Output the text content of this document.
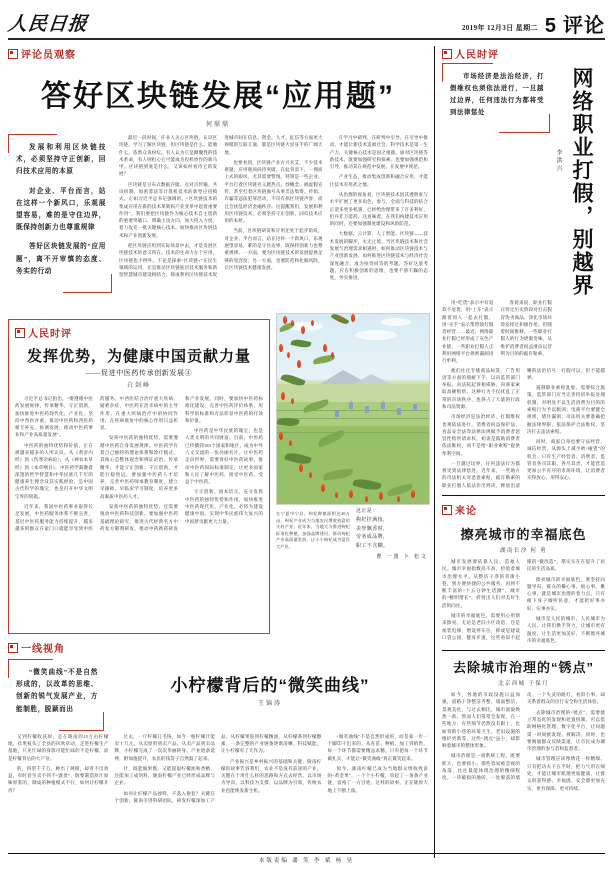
人民日报	2019年 12月3日 星期二 5 评论
评论员观察
答好区块链发展“应用题”
何鼎鼎

发展和利用区块链技术，必须坚持守正创新，回归技术应用的本原

对企业、平台而言，站在这样一个新风口，乐观展望容易，难的是守住边界，既保持创新力也尊重规律

答好区块链发展的“应用题”，离不开审慎的态度、务实的行动

最近一段时间，许多人关心区块链，认识区块链，学习了解区块链，但区块链是什么、能做什么，依然众说纷纭。有人认为它是颠覆性的技术革命，有人则担心它可能成为投机炒作的新马甲。区块链到底是什么，又该如何看待它的发展？

区块链是分布式数据存储、点对点传输、共识机制、加密算法等计算机技术的新型应用模式。正如习近平总书记强调的，“区块链技术的集成应用在新的技术革新和产业变革中起着重要作用”。我们要把区块链作为核心技术自主创新的重要突破口，明确主攻方向，加大投入力度，着力攻克一批关键核心技术，加快推动区块链技术和产业创新发展。

把区块链应用到实际场景中去，才是发展区块链技术的意义所在。技术的生命力在于应用，区块链也不例外。不论是探索“区块链+”在民生领域的运用，还是推动区块链底层技术服务和新型智慧城市建设相结合，抑或利用区块链技术促进城市间在信息、资金、人才、征信等方面更大规模的互联互通，都是区块链大显身手的广阔天地。

也要看到，区块链产业方兴未艾，不少技术难题、应用瓶颈尚待突破。在此背景下，一拥而上式的跟风，尤其需要警惕。特别是一些企业、平台打着区块链名义蹭热点、炒概念、搞虚假宣传，甚至打着区块链旗号从事非法集资、传销、诈骗等违法犯罪活动，不仅有损区块链声誉，而且会扰乱经济金融秩序。这提醒我们，发展和利用区块链技术，必须坚持守正创新，回归技术应用的本原。

当前，区块链研发和应用还处于起步阶段，对企业、平台而言，站在这样一个新风口，乐观展望容易，难的是守住边界，既保持创新力也尊重规律。一方面，要为区块链技术的发展提供足够的宽容度；另一方面，也要防范和化解风险，让区块链技术健康发展。

在学习中研判、在研判中引导、在引导中推动，才能让新技术造福社会。科学技术是第一生产力，关键核心技术是国之重器。面对区块链等新技术，既要加强研究和探索，也要加强规范和引导，推动其在规范中发展、在发展中规范。

产业生态，推动集成创新和融合应用，才能让技术有用武之地。

从治理的视角看，区块链技术因其透明度与水平扩展了更多角色、参与，全面与科技的结合正迎来更多机遇，已经给治理带来了许多利好，但并非万能药。这意味着，在我们构建技术应用的同时，还要加强制度建设和风险防范。

大数据、云计算、人工智能、区块链——技术发展的脚步，永无止境。当区块链技术和社会发展与治理需求相遇时，如何推动区块链技术与产业创新发展、如何推进区块链技术与经济社会深度融合，成为亟待回答的考题。答好这道考题，应有积极创新的思维，也要不骄不躁的态度，务实推进。

人民时评
发挥优势，为健康中国贡献力量
——促进中医药传承创新发展④
白剑峰

习近平总书记指出，“要遵循中医药发展规律，传承精华，守正创新，加快推进中医药现代化、产业化，坚持中西医并重，推动中医药和西医药相互补充、协调发展，推动中医药事业和产业高质量发展”。

中医药的独特优势和价值，正在被越来越多的人所认识。从《黄帝内经》到《伤寒杂病论》，从《神农本草经》到《本草纲目》，中医药学凝聚着深邃的哲学智慧和中华民族几千年的健康养生理念及其实践经验，是中国古代科学的瑰宝，也是打开中华文明宝库的钥匙。

近年来，我国中医药事业取得长足发展。中医药服务体系不断完善，基层中医药服务能力持续提升，越来越多的群众在家门口就能享受到中医药服务。中西医结合治疗重大疾病、疑难杂症，中医药在治未病中的主导作用、在重大疾病治疗中的协同作用、在疾病康复中的核心作用日益彰显。

发挥中医药的独特优势，需要遵循中医药自身发展规律。中医药学有着自己独特的理论体系和诊疗模式，其核心是整体观念和辨证论治。传承精华，才能守正创新；守正创新，才能行稳致远。要加强中医药人才培养，完善中医药师承教育制度，建立早跟师、早临床学习制度，培养更多高素质中医药人才。

发挥中医药的独特优势，还需要推动中医药科技创新。要加强中医药基础理论研究，推进古代经典名方中药复方制剂研发，推动中药新药研发和产业发展。同时，要加快中医药标准化建设，完善中医药评价体系，用科学的标准和方法彰显中医药的疗效和价值。

中医药是中华民族的瑰宝，也是人类文明的共同财富。目前，中医药已传播到183个国家和地区，成为中外人文交流的一张亮丽名片。让中医药走向世界，需要讲好中医药故事，推动中医药国际标准制定，让更多国家和人民了解中医药、接受中医药、受益于中医药。

守正创新，固本培元。充分发挥中医药的独特优势和作用，加快推进中医药现代化、产业化，必将为建设健康中国、实现中华民族伟大复兴的中国梦贡献更大力量。

在宁夏中宁县，枸杞种植面积达20万亩，枸杞产业成为当地农民增收致富的支柱产业。近年来，当地大力推进枸杞标准化种植，加强品牌建设，推动枸杞产业高质量发展，让小小枸杞成为富民大产业。
这正是：
枸杞挂满枝，
美誉飘香时，
劳务成品牌，
职工不含糊。
曹 一图 卜 松文
一线视角

“微笑曲线”不是自然形成的，以改革的思维、创新的锐气发展产业，方能制胜，脱颖而出

小柠檬背后的“微笑曲线”
王锦涛

又到柠檬收获时，走在陇南的25万亩柠檬地，挂果枝头了全县的风吹草动，走进柠檬生产基地，只见忙碌的身影可能忙碌的不是柠檬，而是柠檬背后的大产业。

的，四望千千万，种出了规模，却青不出效益，有时甚至卖不到不“既贵”，既要制造原汁原味原浆的，制成的种植模式不行，如何让柠檬开窍？

过去，一斤柠檬几毛钱，如今一瓶柠檬汁能卖十几元。从卖原料到卖产品，从卖产品到卖品牌，小柠檬完成了一次次华丽转身。产业链条延伸，附加值提升，农民的钱袋子自然鼓了起来。

汁，既能做果酱，又能提取柠檬油和香精，还能加工成饲料，陇南柠檬产业已经形成品牌与企业。

如何让柠檬产品独特、不落入俗套？关键在于创新。陇南引进科研团队，研发柠檬深加工产品，从柠檬果胶到柠檬精油，从柠檬茶到柠檬酵素，一条完整的产业链条逐渐清晰。科技赋能，让小柠檬有了大作为。

产业振兴是乡村振兴的基础和关键。陇南柠檬的故事告诉我们，农业不是没有前途的产业，关键在于用什么样的思路和方式去经营。以市场为导向，以科技为支撑，以品牌为引领，传统农业也能焕发新生机。

“微笑曲线”不是自然形成的，而是靠一步一个脚印干出来的。从育苗、种植、加工到销售，每一个环节都需要精益求精。只有把每一个环节做扎实，才能让“微笑曲线”真正微笑起来。

如今，陇南柠檬已成为当地群众增收致富的“黄金果”。一个个小柠檬，串起了一条条产业链，富裕了一方百姓。这样的故事，正在陇原大地上不断上演。

人民时评

市场经济是法治经济，打假维权也须依法进行，一旦越过边界，任何违法行为都将受到法律惩处	网络职业打假，别越界
李洪兴

用“吃货”表示中有退款不退货，用“上车”表示跟着别人一起去打假，用“买手”表示帮带领打假者经营……最近，网络职业打假已经形成了灰色产业链，一些职业打假人正利用网络平台规则漏洞进行牟利。

客观来说，职业打假在特定历史阶段对打击假冒伪劣商品、净化市场环境发挥过积极作用。但随着时间推移，一些职业打假人的行为逐渐变味，从维护消费者权益滑向以营利为目的的敲诈勒索。

他们往往专挑商品标签、广告用语等方面的瑕疵下手，以向监管部门举报、向法院起诉相威胁，向商家索取高额赔偿。这种行为不仅扰乱了正常的市场秩序，也挤占了大量的行政和司法资源。

市场经济是法治经济，打假维权也须依法进行。消费者权益保护法、食品安全法等法律法规赋予消费者惩罚性赔偿请求权，初衷是鼓励消费者依法维权，而不是给“职业索赔”提供牟利空间。

一旦越过边界，任何违法行为都将受到法律惩处。近年来，一些地方的司法机关对恶意索赔、敲诈勒索的职业打假人依法作出判决，释放出清晰的法治信号：打假可以，但不能越界。

遏制职业索赔乱象，需要综合施策。监管部门应当完善投诉举报处理机制，对明显不以生活消费为目的的索赔行为予以甄别；电商平台要健全规则，堵住漏洞；司法机关要准确把握法律界限，依法保护合法维权，坚决打击违法索赔。

同时，商家自身也要守法经营、诚信经营，从源头上减少被“碰瓷”的机会。只有生产经营者、消费者、监管者各司其职、各尽其责，才能营造更加公平有序的市场环境，让消费者买得放心、用得安心。

来论
擦亮城市的幸福底色
湖南长沙 何 勇

城市发展要依靠人民、造福人民。城市幸福指数高不高，检验着城市治理水平。从整洁干净的背街小巷，到方便快捷的公共服务，再到不断丰富的“十五分钟生活圈”，城市的“精明增长”，折射出人们对美好生活的向往。

城市的幸福底色，需要用心用情来擦亮。无论是老旧小区改造，还是加装电梯、增设停车位，抑或是建设口袋公园、健身步道，这些看似不起眼的“微改造”，都实实在在提升了居民的生活品质。

擦亮城市的幸福底色，要坚持问题导向。群众的操心事、烦心事、揪心事，就是城市治理的着力点。只有俯下身子倾听民意，才能把好事办好、实事办实。

城市是人民的城市，人民城市为人民。让我们携手努力，让城市更有温度，让生活更加美好，不断擦亮城市的幸福底色。

去除城市治理的“锈点”
北京西城 于保月

如今，各地的市政设施日益加强，道路干净整洁齐整，墙面整洁、景观美化，与过去相比，城市面貌焕然一新。然而人们常常会发现，在一些地方，有些细节仍然没有跟上，比如背街小巷的环境卫生、老旧设施的维护更新等，这些“锈点”虽小，却影响着城市的整体形象。

城市治理是一项系统工程，既要抓大，也要抓小。那些容易被忽视的角落，往往最能体现治理的精细程度。一块破损的地砖、一处脱落的墙皮、一个失灵的路灯，看似小事，却关系着群众的出行安全和生活体验。

去除城市治理的“锈点”，需要建立常态化的发现和处置机制。可以借助网格化管理、数字化平台，让问题第一时间被发现、被解决。同时，也要畅通群众反映渠道，让市民成为城市治理的参与者和监督者。

城市管理应该像绣花一样精细。只有把功夫下在平时，把力气用在细处，才能让城市肌理更加健康，让群众的获得感、幸福感、安全感更加充实、更有保障、更可持续。

本版责编 潘 笑 李 斌 杨 昊
